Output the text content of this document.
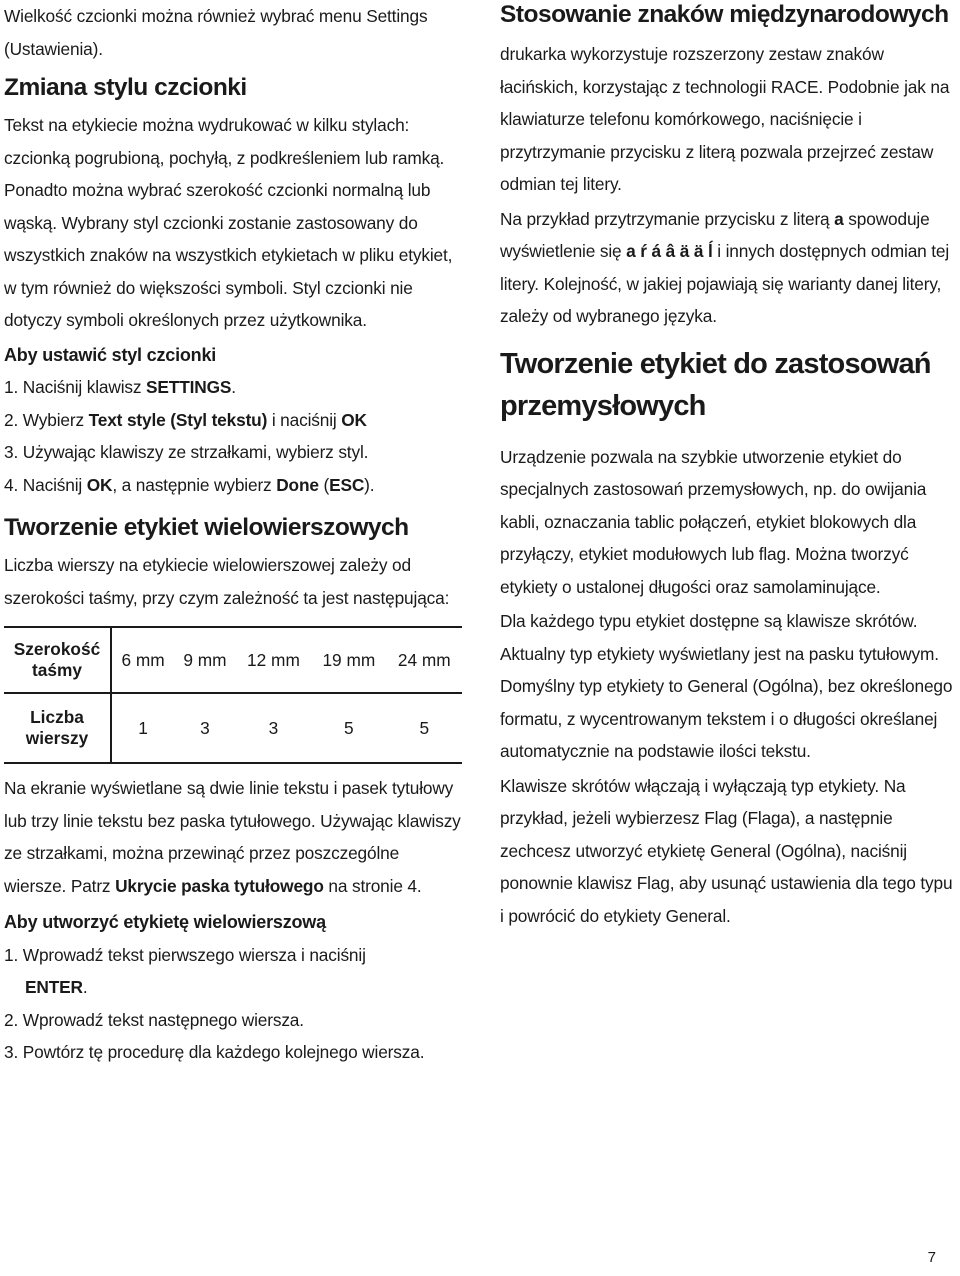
Wielkość czcionki można również wybrać menu Settings (Ustawienia).

Zmiana stylu czcionki

Tekst na etykiecie można wydrukować w kilku stylach: czcionką pogrubioną, pochyłą, z podkreśleniem lub ramką. Ponadto można wybrać szerokość czcionki normalną lub wąską. Wybrany styl czcionki zostanie zastosowany do wszystkich znaków na wszystkich etykietach w pliku etykiet, w tym również do większości symboli. Styl czcionki nie dotyczy symboli określonych przez użytkownika.

Aby ustawić styl czcionki
1. Naciśnij klawisz SETTINGS.
2. Wybierz Text style (Styl tekstu) i naciśnij OK
3. Używając klawiszy ze strzałkami, wybierz styl.
4. Naciśnij OK, a następnie wybierz Done (ESC).
Tworzenie etykiet wielowierszowych

Liczba wierszy na etykiecie wielowierszowej zależy od szerokości taśmy, przy czym zależność ta jest następująca:

Szerokość taśmy	6 mm	9 mm	12 mm	19 mm	24 mm
Liczba wierszy	1	3	3	5	5

Na ekranie wyświetlane są dwie linie tekstu i pasek tytułowy lub trzy linie tekstu bez paska tytułowego. Używając klawiszy ze strzałkami, można przewinąć przez poszczególne wiersze. Patrz Ukrycie paska tytułowego na stronie 4.

Aby utworzyć etykietę wielowierszową
1. Wprowadź tekst pierwszego wiersza i naciśnij
ENTER.
2. Wprowadź tekst następnego wiersza.
3. Powtórz tę procedurę dla każdego kolejnego wiersza.
Stosowanie znaków międzynarodowych

drukarka wykorzystuje rozszerzony zestaw znaków łacińskich, korzystając z technologii RACE. Podobnie jak na klawiaturze telefonu komórkowego, naciśnięcie i przytrzymanie przycisku z literą pozwala przejrzeć zestaw odmian tej litery.

Na przykład przytrzymanie przycisku z literą a spowoduje wyświetlenie się a ŕ á â ä ä ĺ i innych dostępnych odmian tej litery. Kolejność, w jakiej pojawiają się warianty danej litery, zależy od wybranego języka.

Tworzenie etykiet do zastosowań przemysłowych

Urządzenie pozwala na szybkie utworzenie etykiet do specjalnych zastosowań przemysłowych, np. do owijania kabli, oznaczania tablic połączeń, etykiet blokowych dla przyłączy, etykiet modułowych lub flag. Można tworzyć etykiety o ustalonej długości oraz samolaminujące.

Dla każdego typu etykiet dostępne są klawisze skrótów. Aktualny typ etykiety wyświetlany jest na pasku tytułowym. Domyślny typ etykiety to General (Ogólna), bez określonego formatu, z wycentrowanym tekstem i o długości określanej automatycznie na podstawie ilości tekstu.

Klawisze skrótów włączają i wyłączają typ etykiety. Na przykład, jeżeli wybierzesz Flag (Flaga), a następnie zechcesz utworzyć etykietę General (Ogólna), naciśnij ponownie klawisz Flag, aby usunąć ustawienia dla tego typu i powrócić do etykiety General.

7
